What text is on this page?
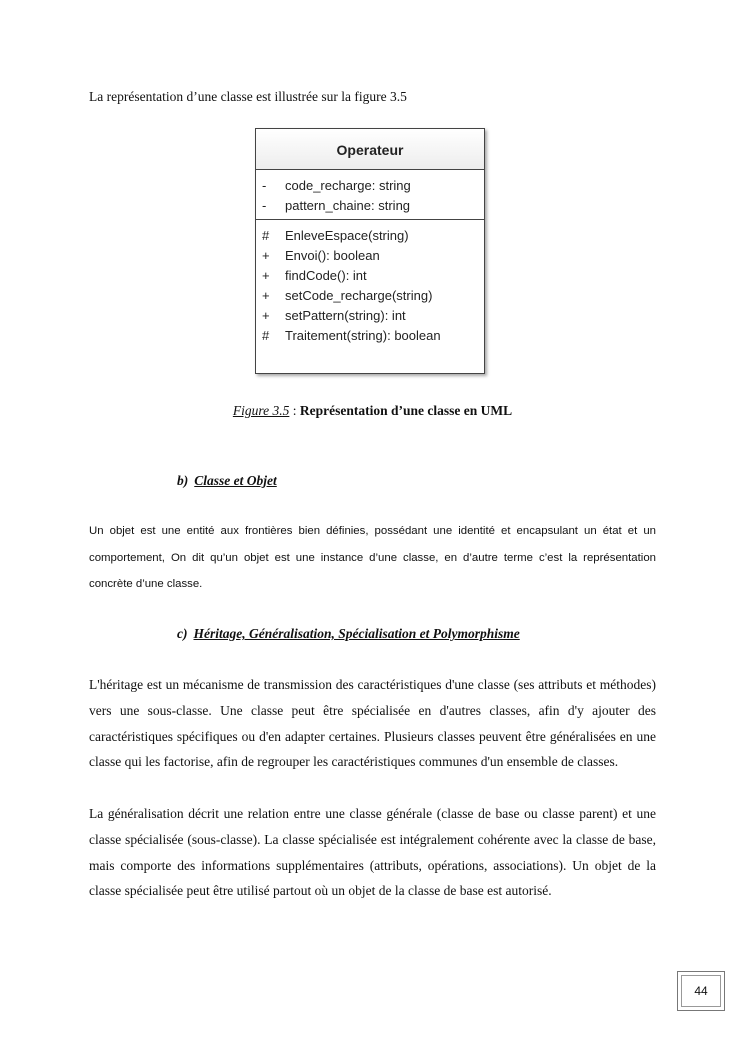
La représentation d’une classe est illustrée sur la figure 3.5
Operateur
-	code_recharge: string
-	pattern_chaine: string
#	EnleveEspace(string)
+	Envoi(): boolean
+	findCode(): int
+	setCode_recharge(string)
+	setPattern(string): int
#	Traitement(string): boolean
Figure 3.5 : Représentation d’une classe en UML
b) Classe et Objet
Un objet est une entité aux frontières bien définies, possédant une identité et encapsulant un état et un comportement, On dit qu’un objet est une instance d’une classe, en d’autre terme c’est la représentation concrète d’une classe.
c) Héritage, Généralisation, Spécialisation et Polymorphisme
L'héritage est un mécanisme de transmission des caractéristiques d'une classe (ses attributs et méthodes) vers une sous-classe. Une classe peut être spécialisée en d'autres classes, afin d'y ajouter des caractéristiques spécifiques ou d'en adapter certaines. Plusieurs classes peuvent être généralisées en une classe qui les factorise, afin de regrouper les caractéristiques communes d'un ensemble de classes.
La généralisation décrit une relation entre une classe générale (classe de base ou classe parent) et une classe spécialisée (sous-classe). La classe spécialisée est intégralement cohérente avec la classe de base, mais comporte des informations supplémentaires (attributs, opérations, associations). Un objet de la classe spécialisée peut être utilisé partout où un objet de la classe de base est autorisé.
44
